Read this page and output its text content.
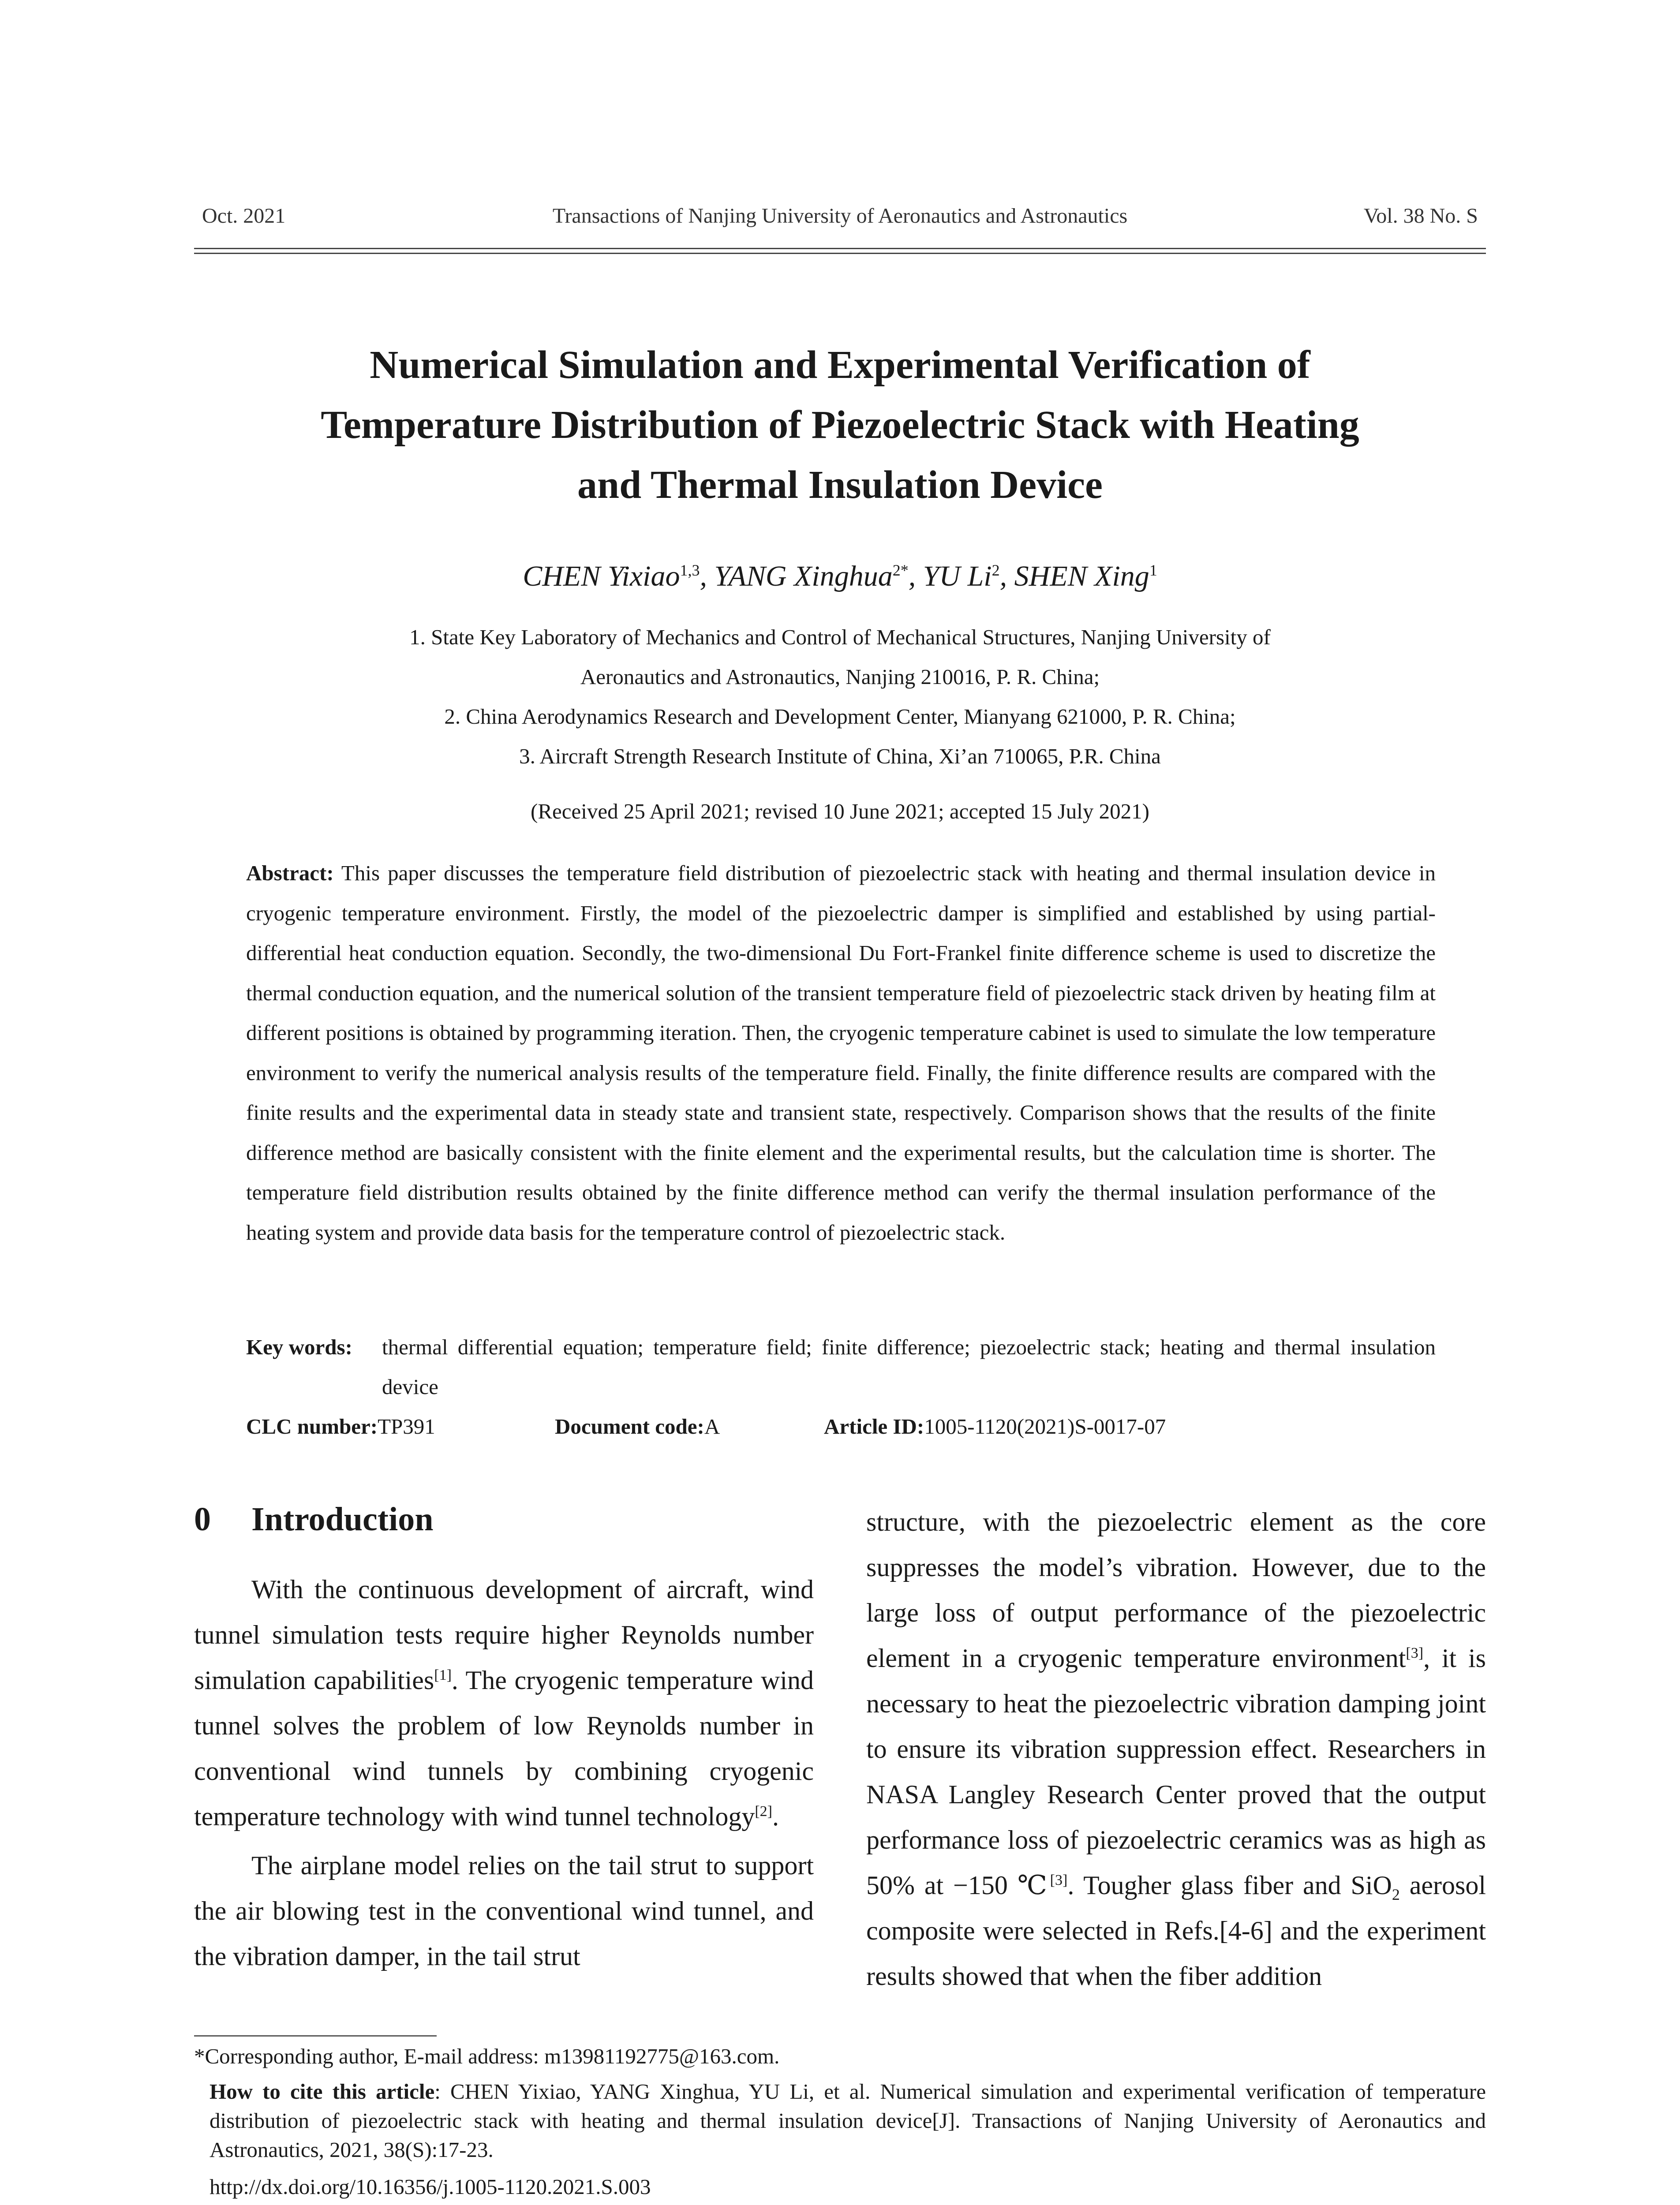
Oct. 2021	Transactions of Nanjing University of Aeronautics and Astronautics	Vol. 38 No. S
Numerical Simulation and Experimental Verification of
Temperature Distribution of Piezoelectric Stack with Heating
and Thermal Insulation Device
CHEN Yixiao$^{1,3}$, YANG Xinghua$^{2*}$, YU Li$^2$, SHEN Xing$^1$
1. State Key Laboratory of Mechanics and Control of Mechanical Structures, Nanjing University of
Aeronautics and Astronautics, Nanjing 210016, P. R. China;
2. China Aerodynamics Research and Development Center, Mianyang 621000, P. R. China;
3. Aircraft Strength Research Institute of China, Xi’an 710065, P.R. China
(Received 25 April 2021; revised 10 June 2021; accepted 15 July 2021)

Abstract: This paper discusses the temperature field distribution of piezoelectric stack with heating and thermal insulation device in cryogenic temperature environment. Firstly, the model of the piezoelectric damper is simplified and established by using partial-differential heat conduction equation. Secondly, the two-dimensional Du Fort-Frankel finite difference scheme is used to discretize the thermal conduction equation, and the numerical solution of the transient temperature field of piezoelectric stack driven by heating film at different positions is obtained by programming iteration. Then, the cryogenic temperature cabinet is used to simulate the low temperature environment to verify the numerical analysis results of the temperature field. Finally, the finite difference results are compared with the finite results and the experimental data in steady state and transient state, respectively. Comparison shows that the results of the finite difference method are basically consistent with the finite element and the experimental results, but the calculation time is shorter. The temperature field distribution results obtained by the finite difference method can verify the thermal insulation performance of the heating system and provide data basis for the temperature control of piezoelectric stack.

Key words: thermal differential equation; temperature field; finite difference; piezoelectric stack; heating and thermal insulation device
CLC number:TP391	Document code:A	Article ID:1005-1120(2021)S-0017-07
0 Introduction

With the continuous development of aircraft, wind tunnel simulation tests require higher Reynolds number simulation capabilities[1]. The cryogenic temperature wind tunnel solves the problem of low Reynolds number in conventional wind tunnels by combining cryogenic temperature technology with wind tunnel technology[2].

The airplane model relies on the tail strut to support the air blowing test in the conventional wind tunnel, and the vibration damper, in the tail strut

structure, with the piezoelectric element as the core suppresses the model’s vibration. However, due to the large loss of output performance of the piezoelectric element in a cryogenic temperature environment[3], it is necessary to heat the piezoelectric vibration damping joint to ensure its vibration suppression effect. Researchers in NASA Langley Research Center proved that the output performance loss of piezoelectric ceramics was as high as 50% at −150 ℃[3]. Tougher glass fiber and SiO$_2$ aerosol composite were selected in Refs.[4-6] and the experiment results showed that when the fiber addition

*Corresponding author, E-mail address: m13981192775@163.com.

How to cite this article: CHEN Yixiao, YANG Xinghua, YU Li, et al. Numerical simulation and experimental verification of temperature distribution of piezoelectric stack with heating and thermal insulation device[J]. Transactions of Nanjing University of Aeronautics and Astronautics, 2021, 38(S):17-23.

http://dx.doi.org/10.16356/j.1005-1120.2021.S.003
